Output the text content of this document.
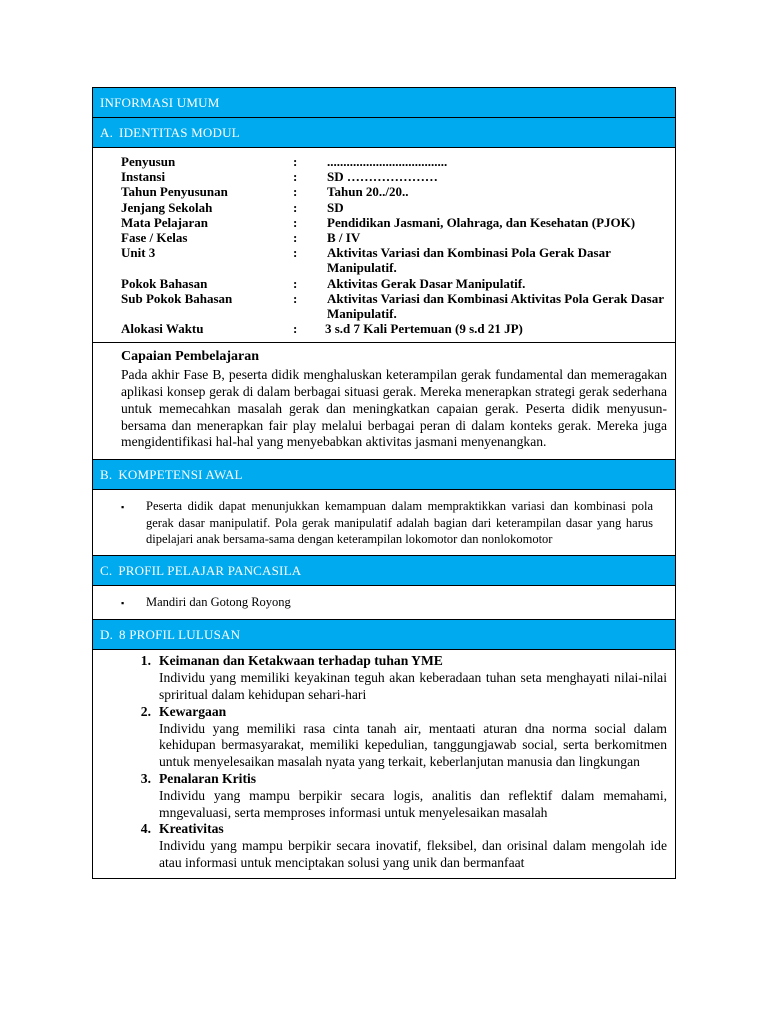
INFORMASI UMUM
A. IDENTITAS MODUL
Penyusun	:	.....................................
Instansi	:	SD …………………
Tahun Penyusunan	:	Tahun 20../20..
Jenjang Sekolah	:	SD
Mata Pelajaran	:	Pendidikan Jasmani, Olahraga, dan Kesehatan (PJOK)
Fase / Kelas	:	B / IV
Unit 3	:	Aktivitas Variasi dan Kombinasi Pola Gerak Dasar Manipulatif.
Pokok Bahasan	:	Aktivitas Gerak Dasar Manipulatif.
Sub Pokok Bahasan	:	Aktivitas Variasi dan Kombinasi Aktivitas Pola Gerak Dasar Manipulatif.
Alokasi Waktu	:	3 s.d 7 Kali Pertemuan (9 s.d 21 JP)
Capaian Pembelajaran

Pada akhir Fase B, peserta didik menghaluskan keterampilan gerak fundamental dan memeragakan aplikasi konsep gerak di dalam berbagai situasi gerak. Mereka menerapkan strategi gerak sederhana untuk memecahkan masalah gerak dan meningkatkan capaian gerak. Peserta didik menyusun-bersama dan menerapkan fair play melalui berbagai peran di dalam konteks gerak. Mereka juga mengidentifikasi hal-hal yang menyebabkan aktivitas jasmani menyenangkan.

B. KOMPETENSI AWAL
▪	Peserta didik dapat menunjukkan kemampuan dalam mempraktikkan variasi dan kombinasi pola gerak dasar manipulatif. Pola gerak manipulatif adalah bagian dari keterampilan dasar yang harus dipelajari anak bersama-sama dengan keterampilan lokomotor dan nonlokomotor
C. PROFIL PELAJAR PANCASILA
▪	Mandiri dan Gotong Royong
D. 8 PROFIL LULUSAN
1. Keimanan dan Ketakwaan terhadap tuhan YME
Individu yang memiliki keyakinan teguh akan keberadaan tuhan seta menghayati nilai-nilai spriritual dalam kehidupan sehari-hari
2. Kewargaan
Individu yang memiliki rasa cinta tanah air, mentaati aturan dna norma social dalam kehidupan bermasyarakat, memiliki kepedulian, tanggungjawab social, serta berkomitmen untuk menyelesaikan masalah nyata yang terkait, keberlanjutan manusia dan lingkungan
3. Penalaran Kritis
Individu yang mampu berpikir secara logis, analitis dan reflektif dalam memahami, mngevaluasi, serta memproses informasi untuk menyelesaikan masalah
4. Kreativitas
Individu yang mampu berpikir secara inovatif, fleksibel, dan orisinal dalam mengolah ide atau informasi untuk menciptakan solusi yang unik dan bermanfaat
